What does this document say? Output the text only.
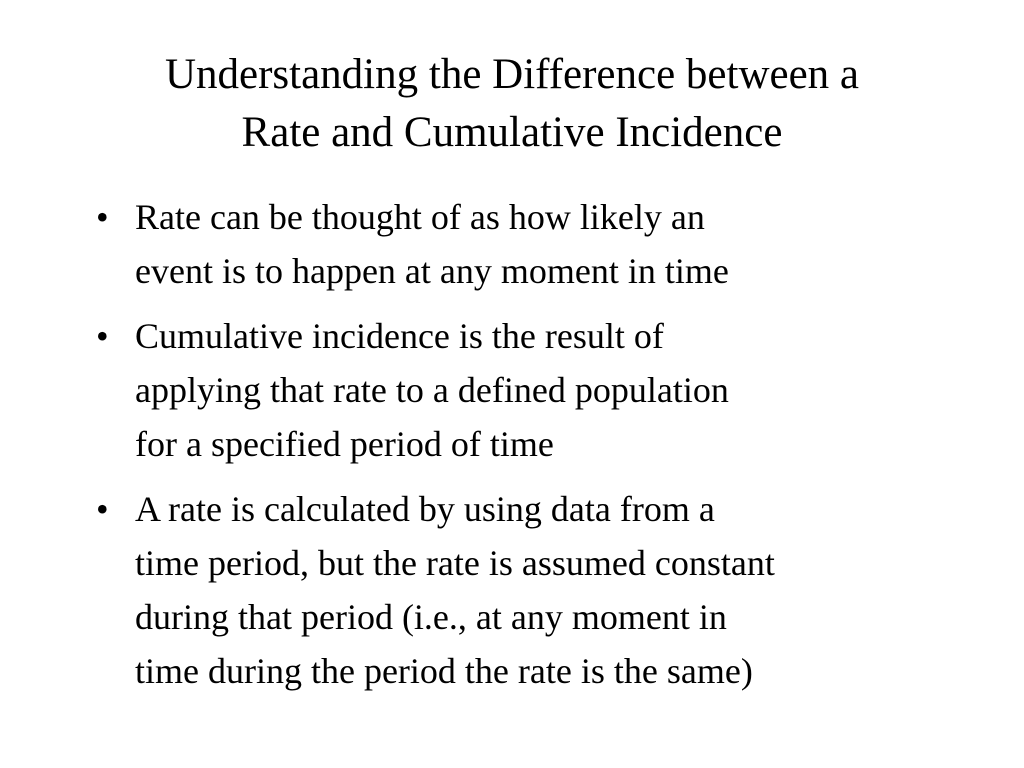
Understanding the Difference between a
Rate and Cumulative Incidence
• Rate can be thought of as how likely an
event is to happen at any moment in time
• Cumulative incidence is the result of
applying that rate to a defined population
for a specified period of time
• A rate is calculated by using data from a
time period, but the rate is assumed constant
during that period (i.e., at any moment in
time during the period the rate is the same)
